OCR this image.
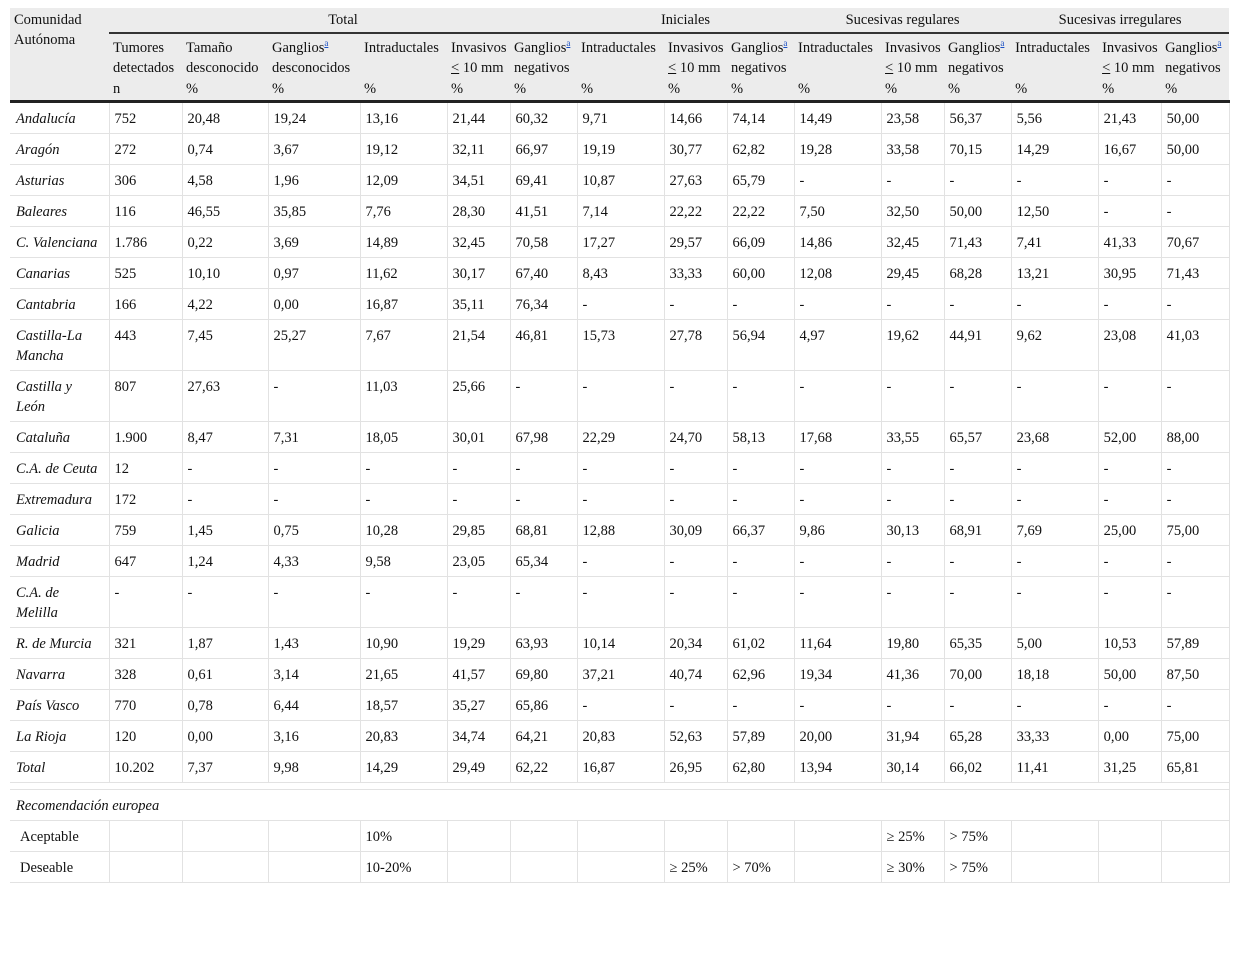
Comunidad Autónoma	Total						Iniciales			Sucesivas regulares			Sucesivas irregulares		
	Tumores detectados	Tamaño desconocido	Ganglios$^a$ desconocidos	Intraductales	Invasivos ≤ 10 mm	Ganglios$^a$ negativos	Intraductales	Invasivos ≤ 10 mm	Ganglios$^a$ negativos	Intraductales	Invasivos ≤ 10 mm	Ganglios$^a$ negativos	Intraductales	Invasivos ≤ 10 mm	Ganglios$^a$ negativos
	n	%	%	%	%	%	%	%	%	%	%	%	%	%	%
Andalucía	752	20,48	19,24	13,16	21,44	60,32	9,71	14,66	74,14	14,49	23,58	56,37	5,56	21,43	50,00
Aragón	272	0,74	3,67	19,12	32,11	66,97	19,19	30,77	62,82	19,28	33,58	70,15	14,29	16,67	50,00
Asturias	306	4,58	1,96	12,09	34,51	69,41	10,87	27,63	65,79	-	-	-	-	-	-
Baleares	116	46,55	35,85	7,76	28,30	41,51	7,14	22,22	22,22	7,50	32,50	50,00	12,50	-	-
C. Valenciana	1.786	0,22	3,69	14,89	32,45	70,58	17,27	29,57	66,09	14,86	32,45	71,43	7,41	41,33	70,67
Canarias	525	10,10	0,97	11,62	30,17	67,40	8,43	33,33	60,00	12,08	29,45	68,28	13,21	30,95	71,43
Cantabria	166	4,22	0,00	16,87	35,11	76,34	-	-	-	-	-	-	-	-	-
Castilla-La Mancha	443	7,45	25,27	7,67	21,54	46,81	15,73	27,78	56,94	4,97	19,62	44,91	9,62	23,08	41,03
Castilla y León	807	27,63	-	11,03	25,66	-	-	-	-	-	-	-	-	-	-
Cataluña	1.900	8,47	7,31	18,05	30,01	67,98	22,29	24,70	58,13	17,68	33,55	65,57	23,68	52,00	88,00
C.A. de Ceuta	12	-	-	-	-	-	-	-	-	-	-	-	-	-	-
Extremadura	172	-	-	-	-	-	-	-	-	-	-	-	-	-	-
Galicia	759	1,45	0,75	10,28	29,85	68,81	12,88	30,09	66,37	9,86	30,13	68,91	7,69	25,00	75,00
Madrid	647	1,24	4,33	9,58	23,05	65,34	-	-	-	-	-	-	-	-	-
C.A. de Melilla	-	-	-	-	-	-	-	-	-	-	-	-	-	-	-
R. de Murcia	321	1,87	1,43	10,90	19,29	63,93	10,14	20,34	61,02	11,64	19,80	65,35	5,00	10,53	57,89
Navarra	328	0,61	3,14	21,65	41,57	69,80	37,21	40,74	62,96	19,34	41,36	70,00	18,18	50,00	87,50
País Vasco	770	0,78	6,44	18,57	35,27	65,86	-	-	-	-	-	-	-	-	-
La Rioja	120	0,00	3,16	20,83	34,74	64,21	20,83	52,63	57,89	20,00	31,94	65,28	33,33	0,00	75,00
Total	10.202	7,37	9,98	14,29	29,49	62,22	16,87	26,95	62,80	13,94	30,14	66,02	11,41	31,25	65,81

Recomendación europea															
Aceptable				10%							≥ 25%	> 75%			
Deseable				10-20%				≥ 25%	> 70%		≥ 30%	> 75%			
